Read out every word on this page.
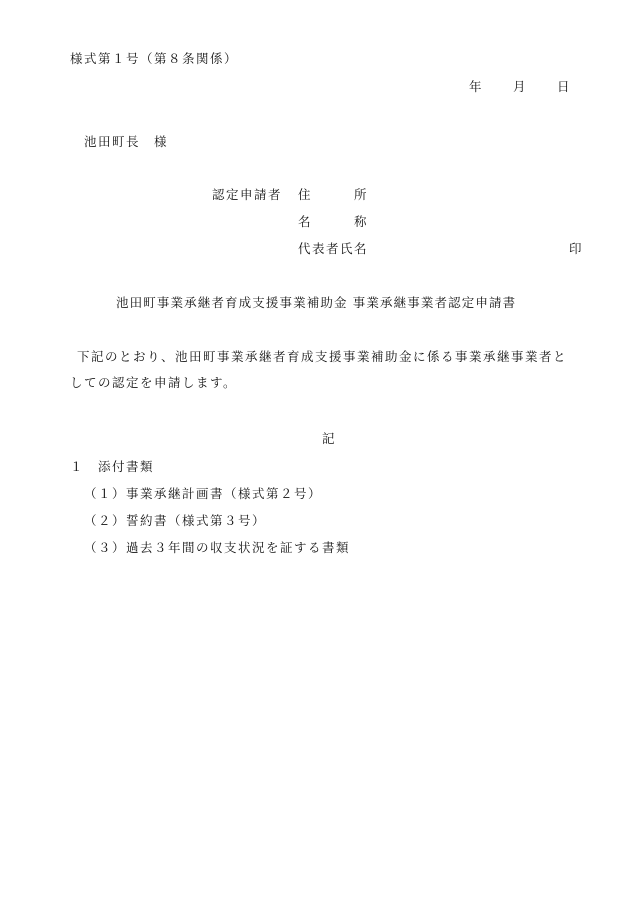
様式第１号（第８条関係）
年	月	日
池田町長　様
認定申請者 住　　　所
名　　　称
代表者氏名	印
池田町事業承継者育成支援事業補助金 事業承継事業者認定申請書
下記のとおり、池田町事業承継者育成支援事業補助金に係る事業承継事業者と
しての認定を申請します。
記
１　添付書類
（１）事業承継計画書（様式第２号）
（２）誓約書（様式第３号）
（３）過去３年間の収支状況を証する書類
